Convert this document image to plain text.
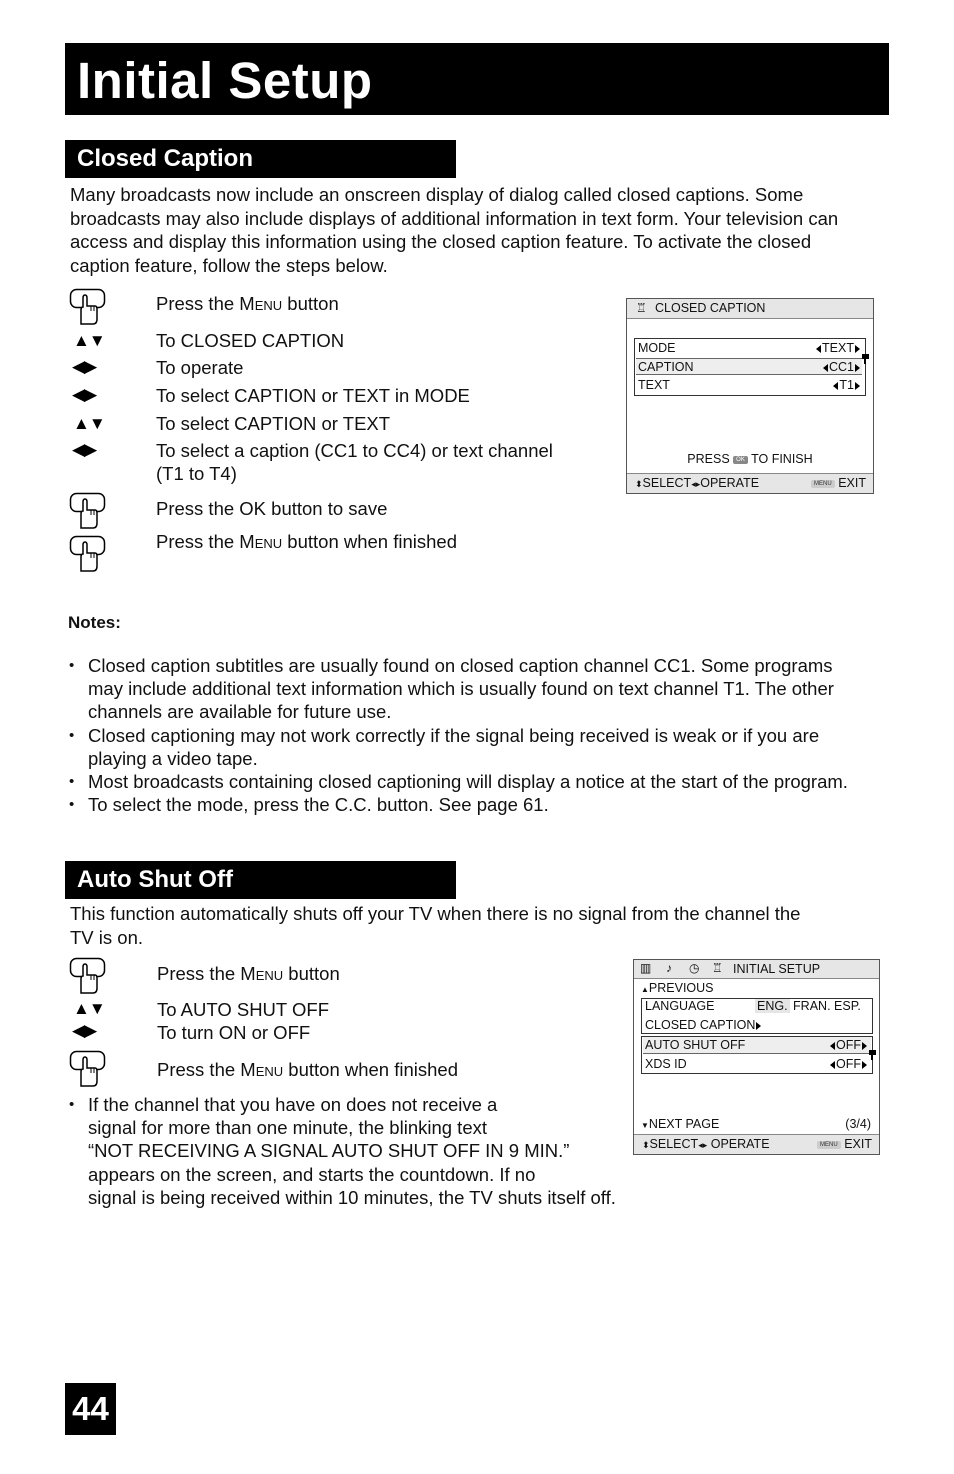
Initial Setup
Closed Caption
Many broadcasts now include an onscreen display of dialog called closed captions. Some
broadcasts may also include displays of additional information in text form. Your television can
access and display this information using the closed caption feature. To activate the closed
caption feature, follow the steps below.
Press the Menu button
▲▼	To CLOSED CAPTION
◀▶	To operate
◀▶	To select CAPTION or TEXT in MODE
▲▼	To select CAPTION or TEXT
◀▶	To select a caption (CC1 to CC4) or text channel
(T1 to T4)
Press the OK button to save
Press the Menu button when finished
♖ CLOSED CAPTION
MODE	TEXT
CAPTION	CC1
TEXT	T1
PRESS OK TO FINISH
⬍SELECT◂▸OPERATE	MENU EXIT
Notes:
• Closed caption subtitles are usually found on closed caption channel CC1. Some programs
may include additional text information which is usually found on text channel T1. The other
channels are available for future use.
• Closed captioning may not work correctly if the signal being received is weak or if you are
playing a video tape.
• Most broadcasts containing closed captioning will display a notice at the start of the program.
• To select the mode, press the C.C. button. See page 61.
Auto Shut Off
This function automatically shuts off your TV when there is no signal from the channel the
TV is on.
Press the Menu button
▲▼	To AUTO SHUT OFF
◀▶	To turn ON or OFF
Press the Menu button when finished
• If the channel that you have on does not receive a
signal for more than one minute, the blinking text
“NOT RECEIVING A SIGNAL AUTO SHUT OFF IN 9 MIN.”
appears on the screen, and starts the countdown. If no
signal is being received within 10 minutes, the TV shuts itself off.
▥ ♪ ◷ ♖ INITIAL SETUP
▲PREVIOUS
LANGUAGE	ENG. FRAN. ESP.
CLOSED CAPTION
AUTO SHUT OFF	OFF
XDS ID	OFF
▼NEXT PAGE	(3/4)
⬍SELECT◂▸ OPERATE	MENU EXIT
44
